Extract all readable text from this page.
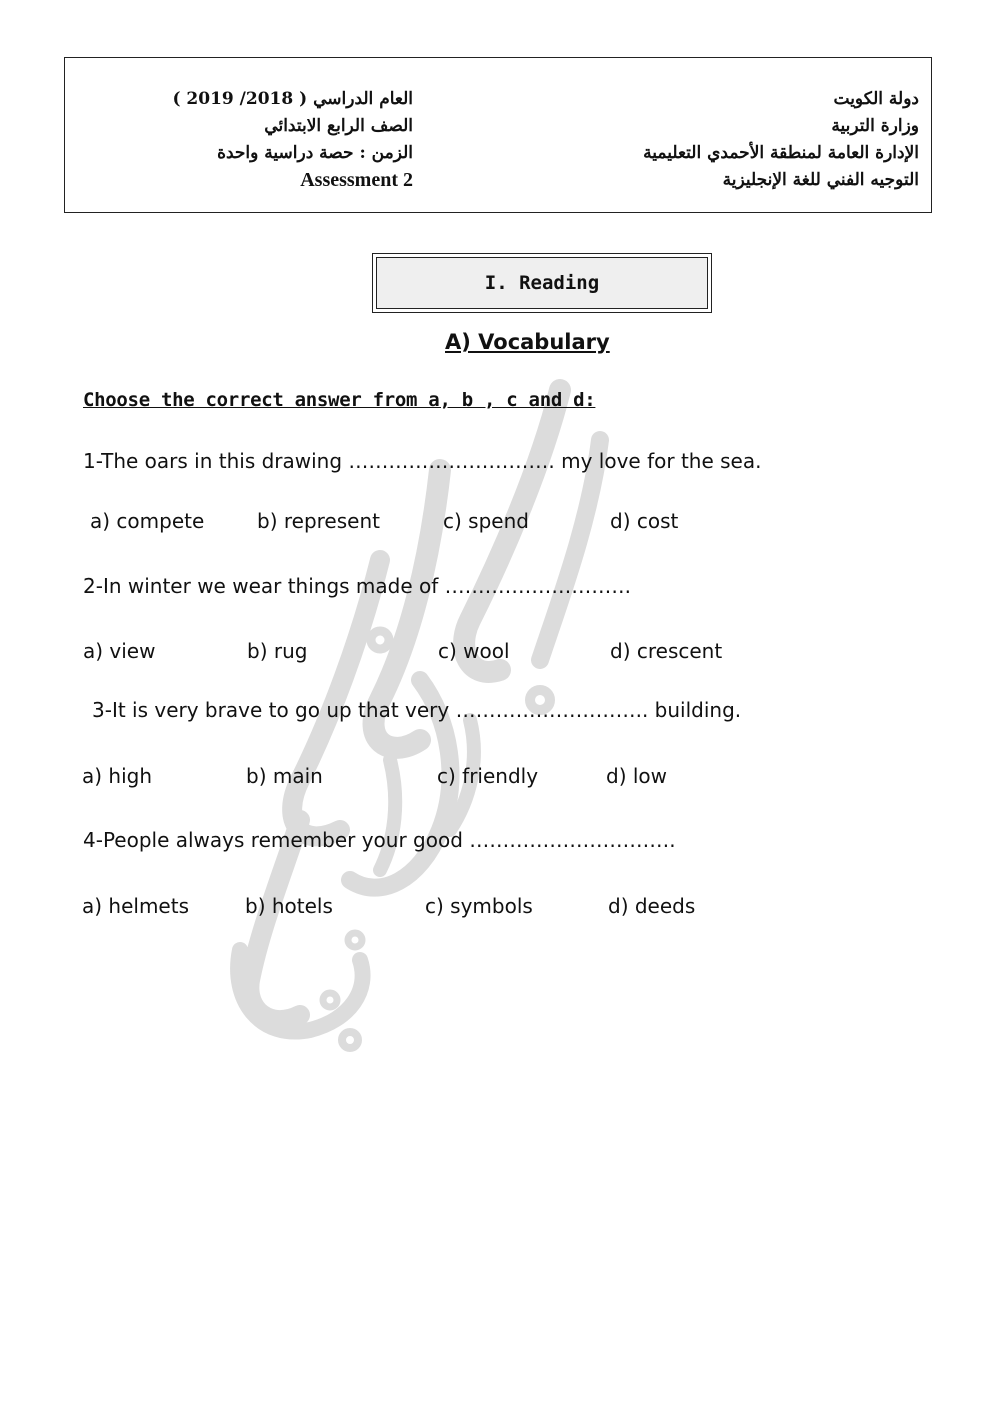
دولة الكويت
وزارة التربية
الإدارة العامة لمنطقة الأحمدي التعليمية
التوجيه الفني للغة الإنجليزية
العام الدراسي ( 2018/ 2019 )
الصف الرابع الابتدائي
الزمن : حصة دراسية واحدة
Assessment 2
I. Reading
A) Vocabulary
Choose the correct answer from a, b , c and d:
1-The oars in this drawing …………………………. my love for the sea.
a) compete	b) represent	c) spend	d) cost
2-In winter we wear things made of ……………………….
a) view	b) rug	c) wool	d) crescent
3-It is very brave to go up that very ……………………….. building.
a) high	b) main	c) friendly	d) low
4-People always remember your good ………………………….
a) helmets	b) hotels	c) symbols	d) deeds
